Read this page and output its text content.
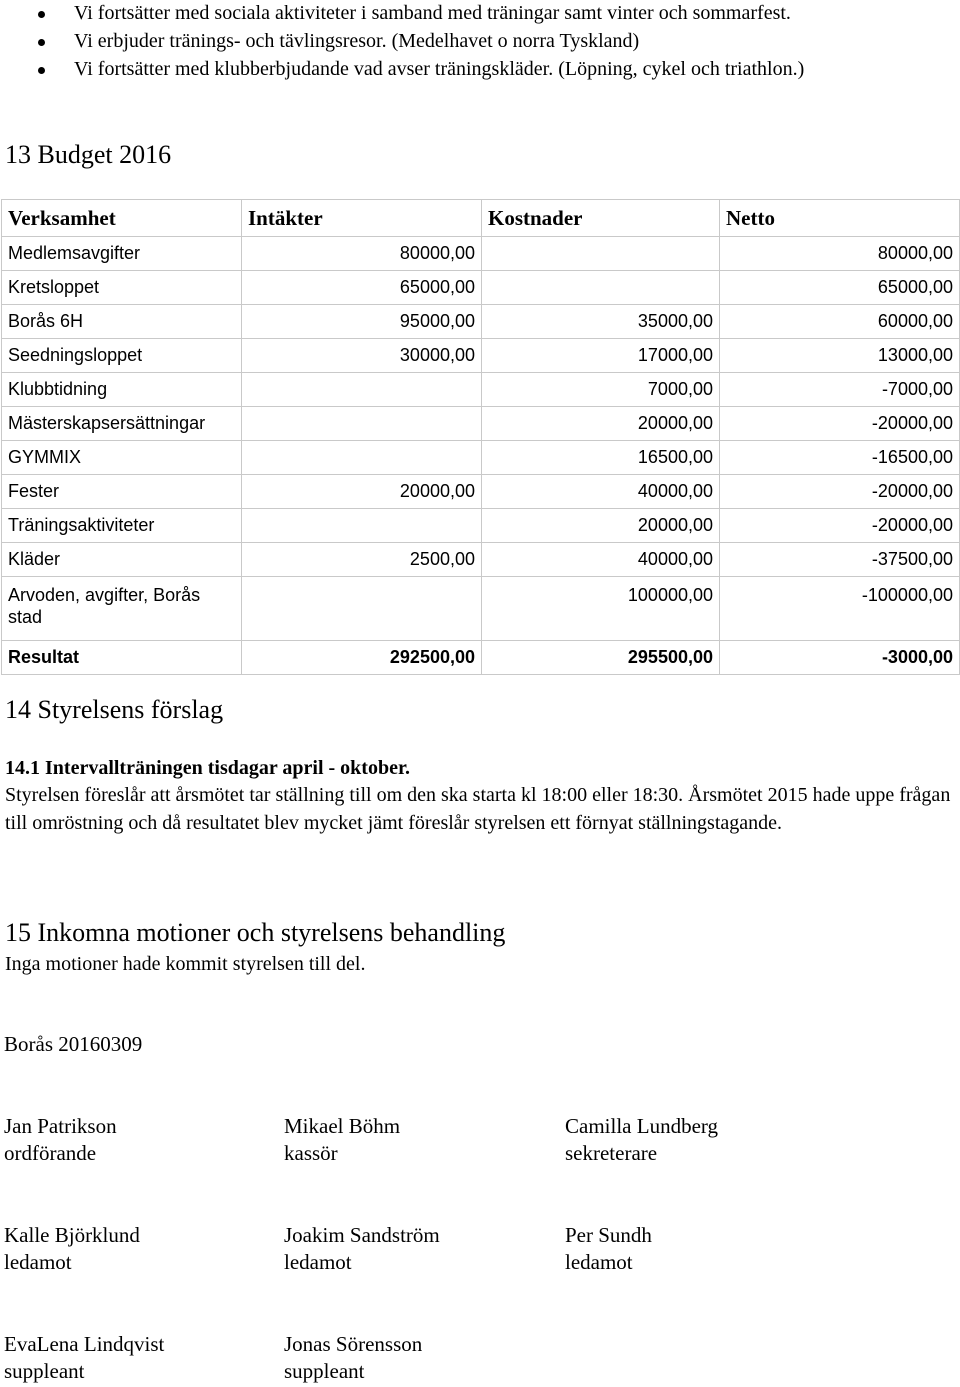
Vi fortsätter med sociala aktiviteter i samband med träningar samt vinter och sommarfest.
Vi erbjuder tränings- och tävlingsresor. (Medelhavet o norra Tyskland)
Vi fortsätter med klubberbjudande vad avser träningskläder. (Löpning, cykel och triathlon.)
13 Budget 2016
Verksamhet	Intäkter	Kostnader	Netto
Medlemsavgifter	80000,00		80000,00
Kretsloppet	65000,00		65000,00
Borås 6H	95000,00	35000,00	60000,00
Seedningsloppet	30000,00	17000,00	13000,00
Klubbtidning		7000,00	-7000,00
Mästerskapsersättningar		20000,00	-20000,00
GYMMIX		16500,00	-16500,00
Fester	20000,00	40000,00	-20000,00
Träningsaktiviteter		20000,00	-20000,00
Kläder	2500,00	40000,00	-37500,00
Arvoden, avgifter, Borås stad		100000,00	-100000,00
Resultat	292500,00	295500,00	-3000,00
14 Styrelsens förslag
14.1 Intervallträningen tisdagar april - oktober.
Styrelsen föreslår att årsmötet tar ställning till om den ska starta kl 18:00 eller 18:30. Årsmötet 2015 hade uppe frågan till omröstning och då resultatet blev mycket jämt föreslår styrelsen ett förnyat ställningstagande.
15 Inkomna motioner och styrelsens behandling
Inga motioner hade kommit styrelsen till del.
Borås 20160309
Jan Patrikson
ordförande
Mikael Böhm
kassör
Camilla Lundberg
sekreterare
Kalle Björklund
ledamot
Joakim Sandström
ledamot
Per Sundh
ledamot
EvaLena Lindqvist
suppleant
Jonas Sörensson
suppleant
